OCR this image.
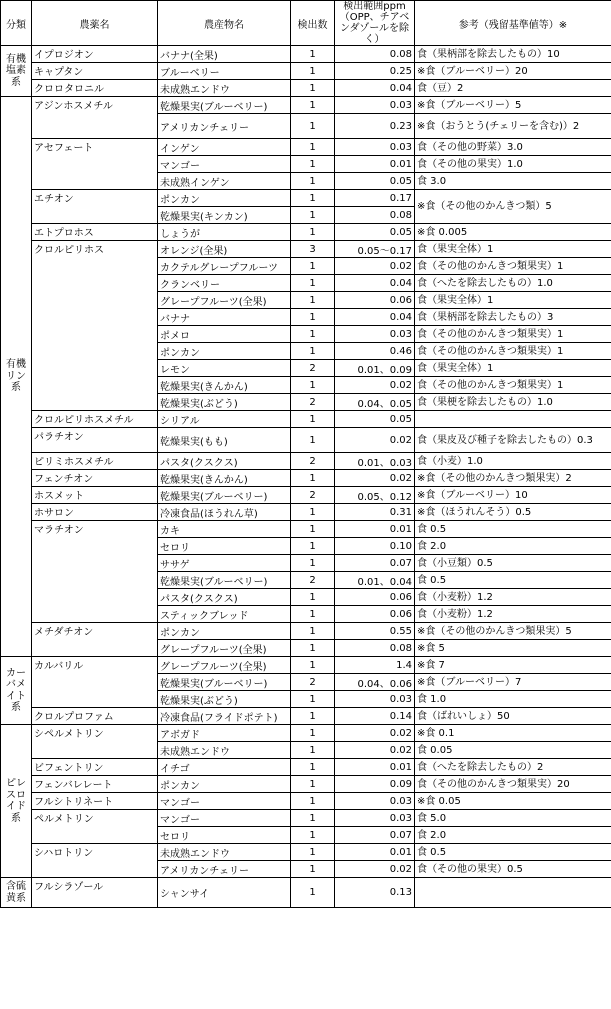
分類	農薬名	農産物名	検出数	検出範囲ppm（OPP、チアベンダゾールを除く）	参考（残留基準値等）※
有機塩素系	イプロジオン	バナナ(全果)	1	0.08	食（果柄部を除去したもの）10
	キャプタン	ブルーベリー	1	0.25	※食（ブルーベリー）20
	クロロタロニル	未成熟エンドウ	1	0.04	食（豆）2
有機リン系	アジンホスメチル	乾燥果実(ブルーベリー)	1	0.03	※食（ブルーベリー）5
		アメリカンチェリー	1	0.23	※食（おうとう(チェリーを含む)）2
	アセフェート	インゲン	1	0.03	食（その他の野菜）3.0
		マンゴー	1	0.01	食（その他の果実）1.0
		未成熟インゲン	1	0.05	食 3.0
	エチオン	ポンカン	1	0.17	※食（その他のかんきつ類）5
		乾燥果実(キンカン)	1	0.08	
	エトプロホス	しょうが	1	0.05	※食 0.005
	クロルピリホス	オレンジ(全果)	3	0.05～0.17	食（果実全体）1
		カクテルグレープフルーツ	1	0.02	食（その他のかんきつ類果実）1
		クランベリー	1	0.04	食（へたを除去したもの）1.0
		グレープフルーツ(全果)	1	0.06	食（果実全体）1
		バナナ	1	0.04	食（果柄部を除去したもの）3
		ポメロ	1	0.03	食（その他のかんきつ類果実）1
		ポンカン	1	0.46	食（その他のかんきつ類果実）1
		レモン	2	0.01、0.09	食（果実全体）1
		乾燥果実(きんかん)	1	0.02	食（その他のかんきつ類果実）1
		乾燥果実(ぶどう)	2	0.04、0.05	食（果梗を除去したもの）1.0
	クロルピリホスメチル	シリアル	1	0.05	
	パラチオン	乾燥果実(もも)	1	0.02	食（果皮及び種子を除去したもの）0.3
	ピリミホスメチル	パスタ(クスクス)	2	0.01、0.03	食（小麦）1.0
	フェンチオン	乾燥果実(きんかん)	1	0.02	※食（その他のかんきつ類果実）2
	ホスメット	乾燥果実(ブルーベリー)	2	0.05、0.12	※食（ブルーベリー）10
	ホサロン	冷凍食品(ほうれん草)	1	0.31	※食（ほうれんそう）0.5
	マラチオン	カキ	1	0.01	食 0.5
		セロリ	1	0.10	食 2.0
		ササゲ	1	0.07	食（小豆類）0.5
		乾燥果実(ブルーベリー)	2	0.01、0.04	食 0.5
		パスタ(クスクス)	1	0.06	食（小麦粉）1.2
		スティックブレッド	1	0.06	食（小麦粉）1.2
	メチダチオン	ポンカン	1	0.55	※食（その他のかんきつ類果実）5
		グレープフルーツ(全果)	1	0.08	※食 5
カーバメイト系	カルバリル	グレープフルーツ(全果)	1	1.4	※食 7
		乾燥果実(ブルーベリー)	2	0.04、0.06	※食（ブルーベリー）7
		乾燥果実(ぶどう)	1	0.03	食 1.0
	クロルプロファム	冷凍食品(フライドポテト)	1	0.14	食（ばれいしょ）50
ピレスロイド系	シペルメトリン	アボガド	1	0.02	※食 0.1
		未成熟エンドウ	1	0.02	食 0.05
	ビフェントリン	イチゴ	1	0.01	食（へたを除去したもの）2
	フェンバレレート	ポンカン	1	0.09	食（その他のかんきつ類果実）20
	フルシトリネート	マンゴー	1	0.03	※食 0.05
	ペルメトリン	マンゴー	1	0.03	食 5.0
		セロリ	1	0.07	食 2.0
	シハロトリン	未成熟エンドウ	1	0.01	食 0.5
		アメリカンチェリー	1	0.02	食（その他の果実）0.5
含硫黄系	フルシラゾール	シャンサイ	1	0.13	
